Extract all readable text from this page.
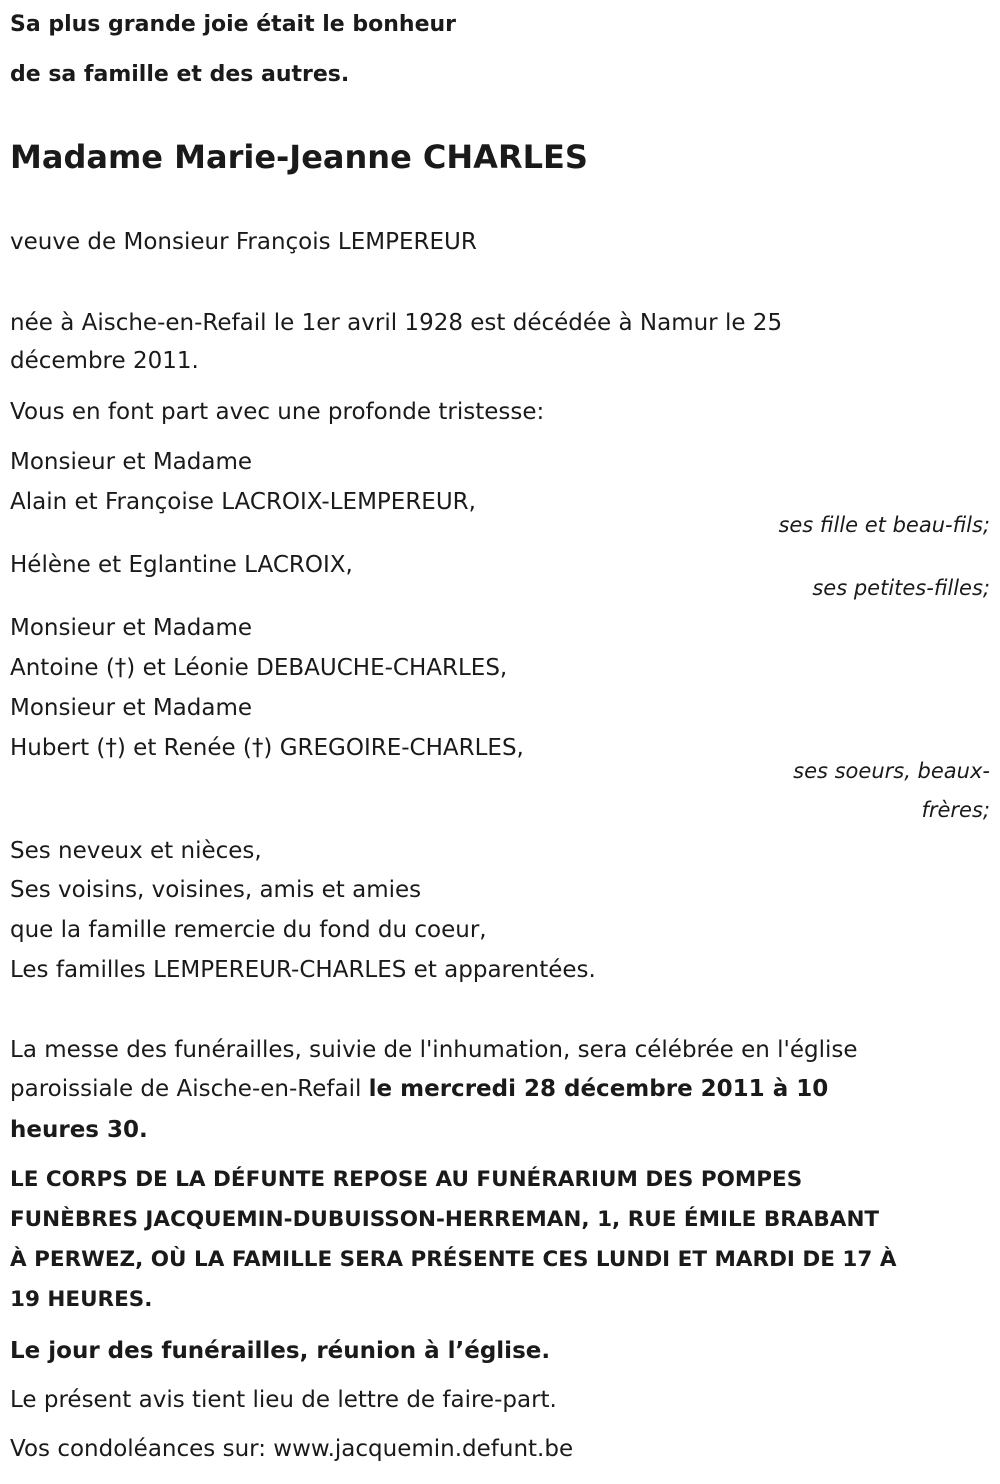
Sa plus grande joie était le bonheur
de sa famille et des autres.
Madame Marie-Jeanne CHARLES
veuve de Monsieur François LEMPEREUR
née à Aische-en-Refail le 1er avril 1928 est décédée à Namur le 25
décembre 2011.
Vous en font part avec une profonde tristesse:
Monsieur et Madame
Alain et Françoise LACROIX-LEMPEREUR,
ses fille et beau-fils;
Hélène et Eglantine LACROIX,
ses petites-filles;
Monsieur et Madame
Antoine (†) et Léonie DEBAUCHE-CHARLES,
Monsieur et Madame
Hubert (†) et Renée (†) GREGOIRE-CHARLES,
ses soeurs, beaux-
frères;
Ses neveux et nièces,
Ses voisins, voisines, amis et amies
que la famille remercie du fond du coeur,
Les familles LEMPEREUR-CHARLES et apparentées.
La messe des funérailles, suivie de l'inhumation, sera célébrée en l'église
paroissiale de Aische-en-Refail le mercredi 28 décembre 2011 à 10
heures 30.
LE CORPS DE LA DÉFUNTE REPOSE AU FUNÉRARIUM DES POMPES
FUNÈBRES JACQUEMIN-DUBUISSON-HERREMAN, 1, RUE ÉMILE BRABANT
À PERWEZ, OÙ LA FAMILLE SERA PRÉSENTE CES LUNDI ET MARDI DE 17 À
19 HEURES.
Le jour des funérailles, réunion à l’église.
Le présent avis tient lieu de lettre de faire-part.
Vos condoléances sur: www.jacquemin.defunt.be
